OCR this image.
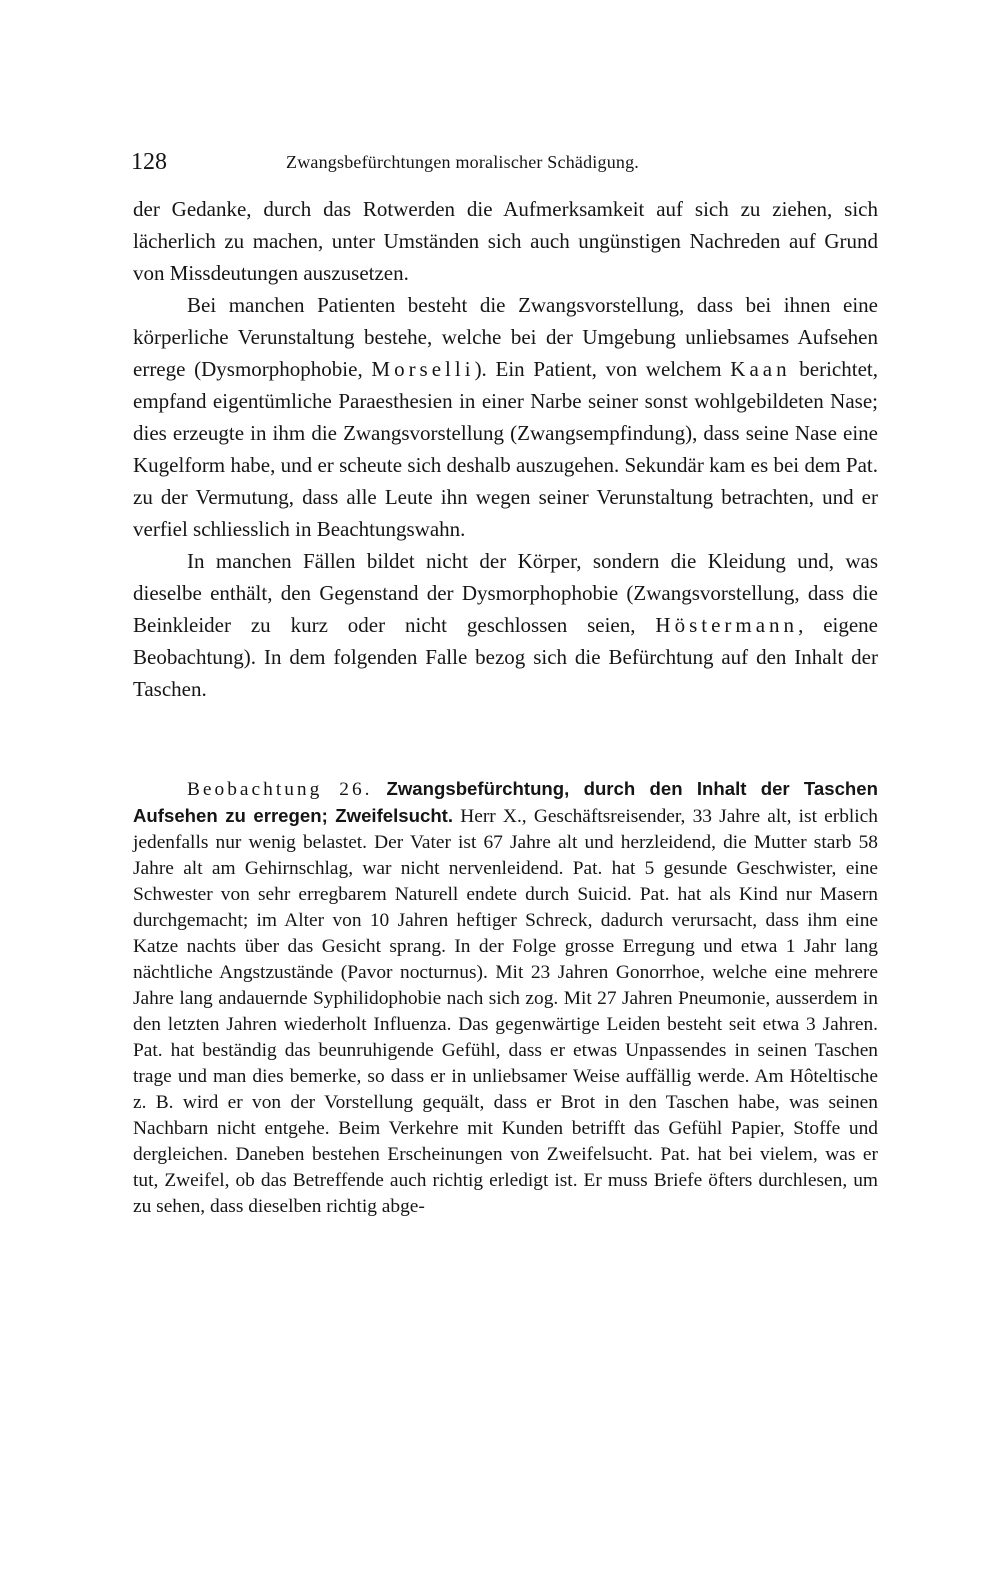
128	Zwangsbefürchtungen moralischer Schädigung.

der Gedanke, durch das Rotwerden die Aufmerksamkeit auf sich zu ziehen, sich lächerlich zu machen, unter Umständen sich auch ungünstigen Nachreden auf Grund von Missdeutungen auszusetzen.

Bei manchen Patienten besteht die Zwangsvorstellung, dass bei ihnen eine körperliche Verunstaltung bestehe, welche bei der Umgebung unliebsames Aufsehen errege (Dysmorphophobie, Morselli). Ein Patient, von welchem Kaan berichtet, empfand eigentümliche Paraesthesien in einer Narbe seiner sonst wohlgebildeten Nase; dies erzeugte in ihm die Zwangsvorstellung (Zwangsempfindung), dass seine Nase eine Kugelform habe, und er scheute sich deshalb auszugehen. Sekundär kam es bei dem Pat. zu der Vermutung, dass alle Leute ihn wegen seiner Verunstaltung betrachten, und er verfiel schliesslich in Beachtungswahn.

In manchen Fällen bildet nicht der Körper, sondern die Kleidung und, was dieselbe enthält, den Gegenstand der Dysmorphophobie (Zwangsvorstellung, dass die Beinkleider zu kurz oder nicht geschlossen seien, Höstermann, eigene Beobachtung). In dem folgenden Falle bezog sich die Befürchtung auf den Inhalt der Taschen.

Beobachtung 26. Zwangsbefürchtung, durch den Inhalt der Taschen Aufsehen zu erregen; Zweifelsucht. Herr X., Geschäftsreisender, 33 Jahre alt, ist erblich jedenfalls nur wenig belastet. Der Vater ist 67 Jahre alt und herzleidend, die Mutter starb 58 Jahre alt am Gehirnschlag, war nicht nervenleidend. Pat. hat 5 gesunde Geschwister, eine Schwester von sehr erregbarem Naturell endete durch Suicid. Pat. hat als Kind nur Masern durchgemacht; im Alter von 10 Jahren heftiger Schreck, dadurch verursacht, dass ihm eine Katze nachts über das Gesicht sprang. In der Folge grosse Erregung und etwa 1 Jahr lang nächtliche Angstzustände (Pavor nocturnus). Mit 23 Jahren Gonorrhoe, welche eine mehrere Jahre lang andauernde Syphilidophobie nach sich zog. Mit 27 Jahren Pneumonie, ausserdem in den letzten Jahren wiederholt Influenza. Das gegenwärtige Leiden besteht seit etwa 3 Jahren. Pat. hat beständig das beunruhigende Gefühl, dass er etwas Unpassendes in seinen Taschen trage und man dies bemerke, so dass er in unliebsamer Weise auffällig werde. Am Hôteltische z. B. wird er von der Vorstellung gequält, dass er Brot in den Taschen habe, was seinen Nachbarn nicht entgehe. Beim Verkehre mit Kunden betrifft das Gefühl Papier, Stoffe und dergleichen. Daneben bestehen Erscheinungen von Zweifelsucht. Pat. hat bei vielem, was er tut, Zweifel, ob das Betreffende auch richtig erledigt ist. Er muss Briefe öfters durchlesen, um zu sehen, dass dieselben richtig abge-
